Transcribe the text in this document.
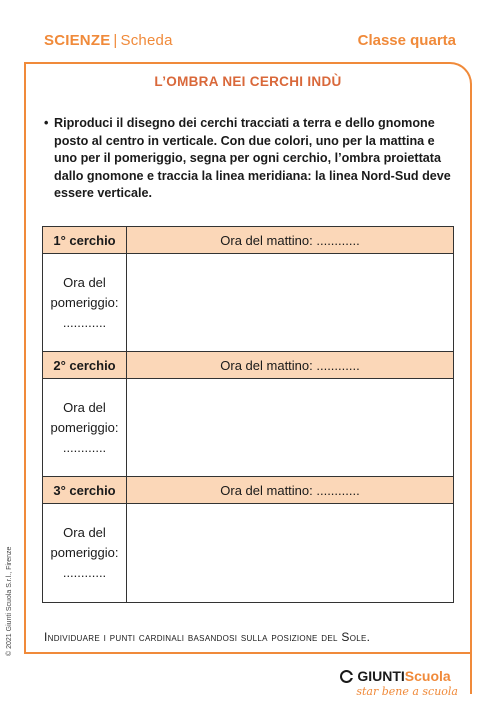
SCIENZE | Scheda	Classe quarta
L’OMBRA NEI CERCHI INDÙ
• Riproduci il disegno dei cerchi tracciati a terra e dello gnomone posto al centro in verticale. Con due colori, uno per la mattina e uno per il pomeriggio, segna per ogni cerchio, l’ombra proiettata dallo gnomone e traccia la linea meridiana: la linea Nord-Sud deve essere verticale.
1° cerchio	Ora del mattino: ............
Ora del
pomeriggio:
............
2° cerchio	Ora del mattino: ............
Ora del
pomeriggio:
............
3° cerchio	Ora del mattino: ............
Ora del
pomeriggio:
............
Individuare i punti cardinali basandosi sulla posizione del Sole.
© 2021 Giunti Scuola S.r.l., Firenze
GIUNTI Scuola
star bene a scuola
